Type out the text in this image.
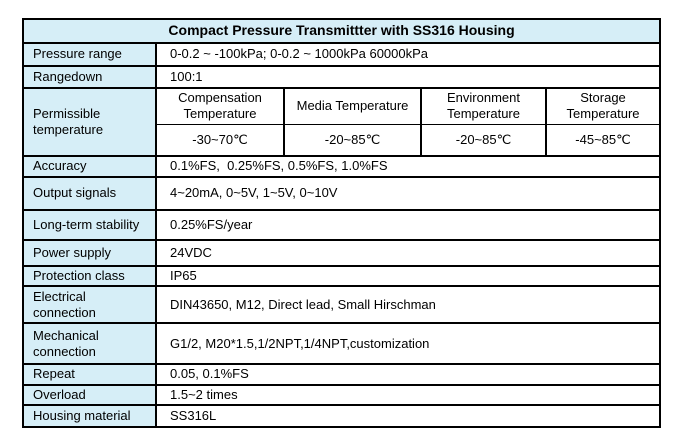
Compact Pressure Transmittter with SS316 Housing				
Pressure range	0-0.2 ~ -100kPa; 0-0.2 ~ 1000kPa 60000kPa			
Rangedown	100:1			
Permissible temperature	Compensation Temperature	Media Temperature	Environment Temperature	Storage Temperature
	-30~70℃	-20~85℃	-20~85℃	-45~85℃
Accuracy	0.1%FS,  0.25%FS, 0.5%FS, 1.0%FS			
Output signals	4~20mA, 0~5V, 1~5V, 0~10V			
Long-term stability	0.25%FS/year			
Power supply	24VDC			
Protection class	IP65			
Electrical connection	DIN43650, M12, Direct lead, Small Hirschman			
Mechanical connection	G1/2, M20*1.5,1/2NPT,1/4NPT,customization			
Repeat	0.05, 0.1%FS			
Overload	1.5~2 times			
Housing material	SS316L			
